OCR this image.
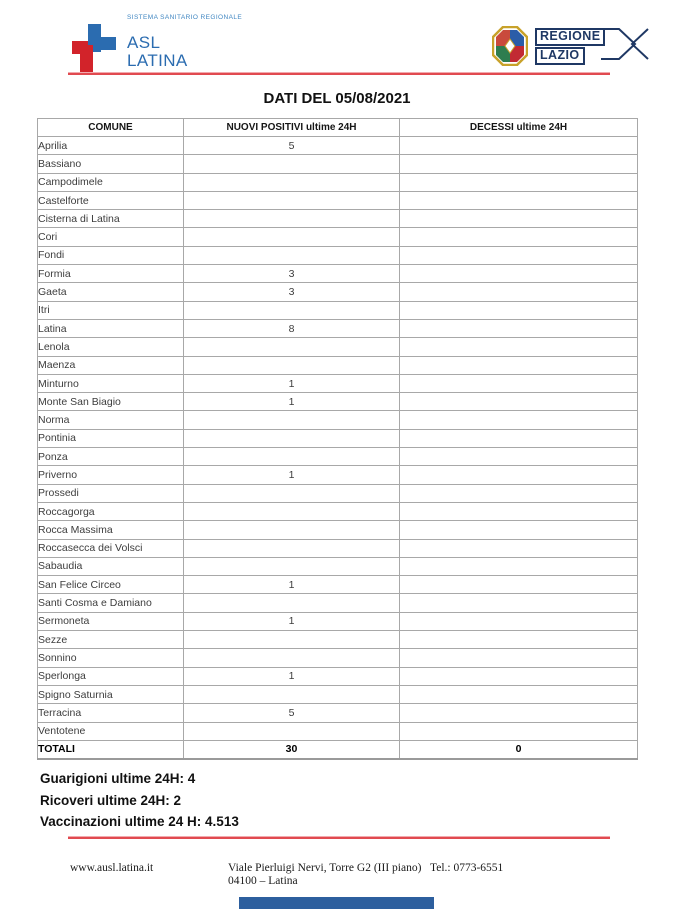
SISTEMA SANITARIO REGIONALE
ASL
LATINA
REGIONE
LAZIO
DATI DEL 05/08/2021
COMUNE	NUOVI POSITIVI ultime 24H	DECESSI ultime 24H
Aprilia	5	
Bassiano		
Campodimele		
Castelforte		
Cisterna di Latina		
Cori		
Fondi		
Formia	3	
Gaeta	3	
Itri		
Latina	8	
Lenola		
Maenza		
Minturno	1	
Monte San Biagio	1	
Norma		
Pontinia		
Ponza		
Priverno	1	
Prossedi		
Roccagorga		
Rocca Massima		
Roccasecca dei Volsci		
Sabaudia		
San Felice Circeo	1	
Santi Cosma e Damiano		
Sermoneta	1	
Sezze		
Sonnino		
Sperlonga	1	
Spigno Saturnia		
Terracina	5	
Ventotene		
TOTALI	30	0
Guarigioni ultime 24H: 4
Ricoveri ultime 24H: 2
Vaccinazioni ultime 24 H: 4.513
www.ausl.latina.it	Viale Pierluigi Nervi, Torre G2 (III piano)
04100 – Latina
Tel.: 0773-6551
